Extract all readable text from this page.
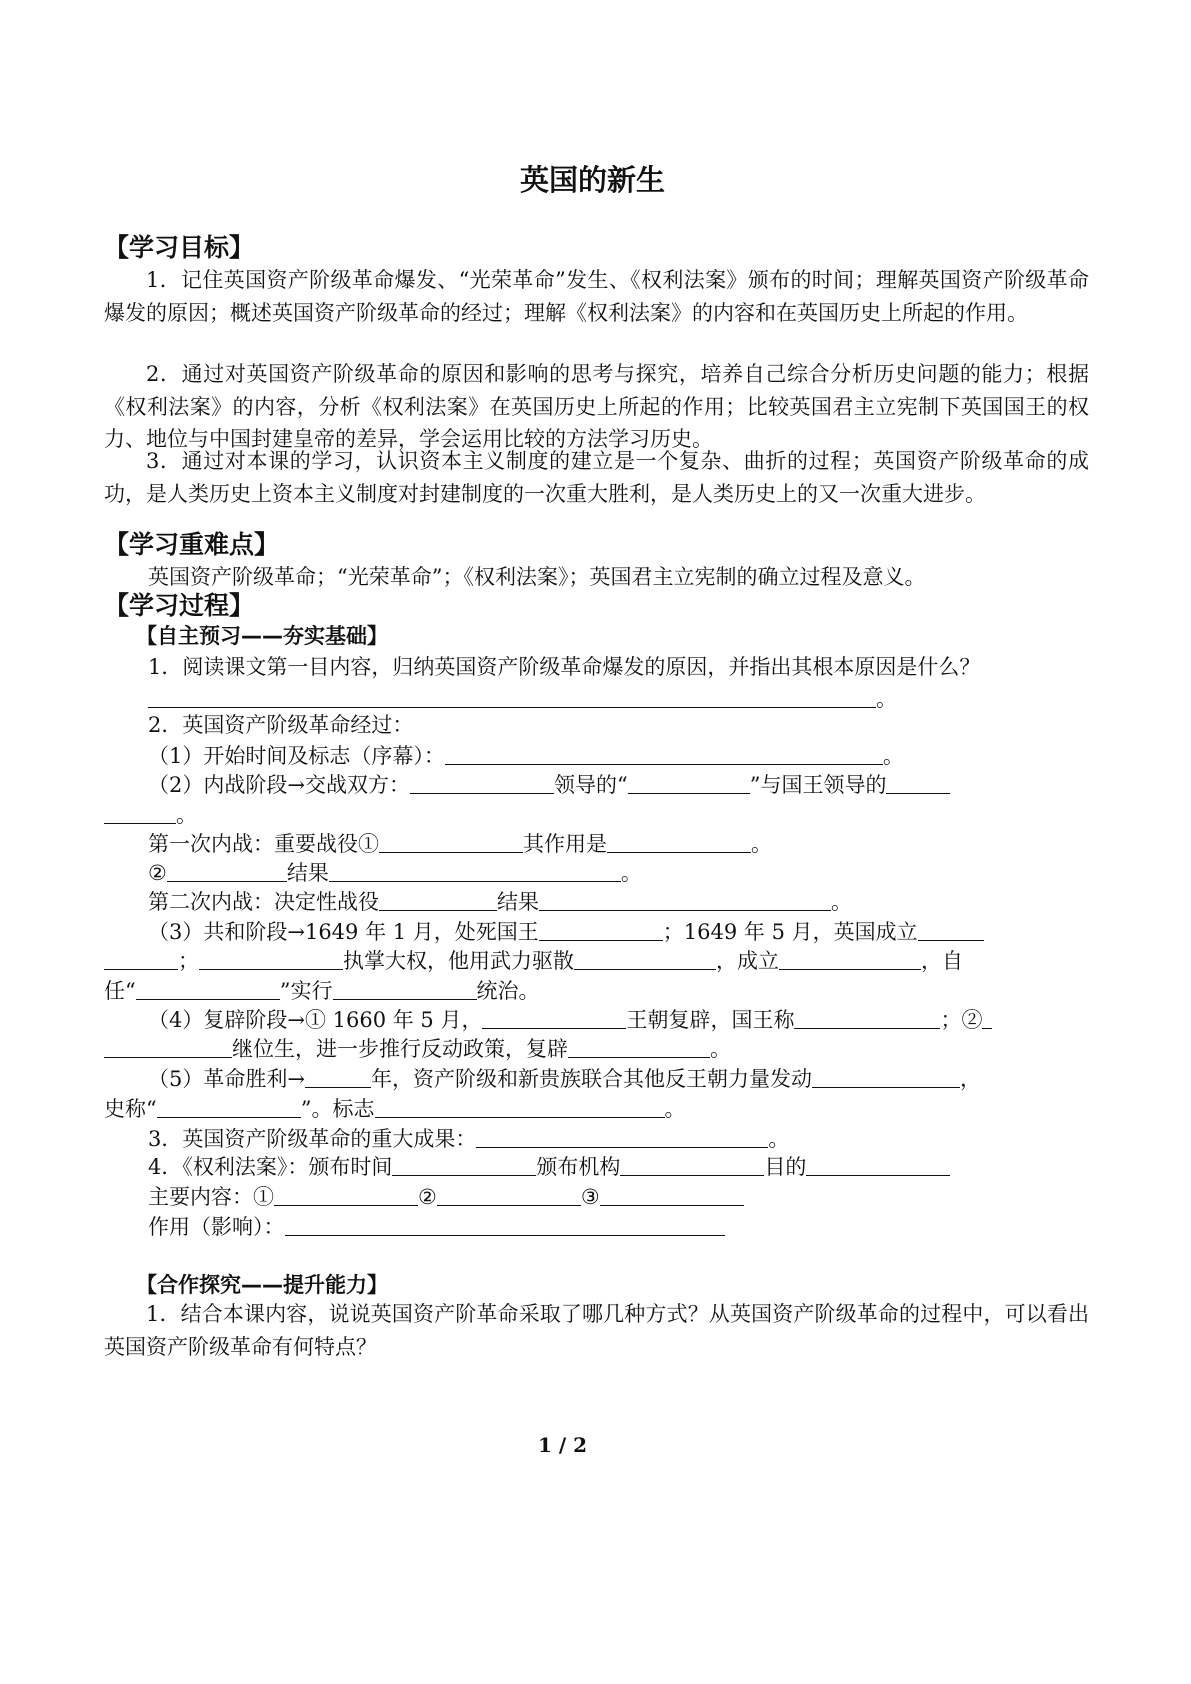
英国的新生
【学习目标】
1．记住英国资产阶级革命爆发、“光荣革命”发生、《权利法案》颁布的时间；理解英国资产阶级革命爆发的原因；概述英国资产阶级革命的经过；理解《权利法案》的内容和在英国历史上所起的作用。
2．通过对英国资产阶级革命的原因和影响的思考与探究，培养自己综合分析历史问题的能力；根据《权利法案》的内容，分析《权利法案》在英国历史上所起的作用；比较英国君主立宪制下英国国王的权力、地位与中国封建皇帝的差异，学会运用比较的方法学习历史。
3．通过对本课的学习，认识资本主义制度的建立是一个复杂、曲折的过程；英国资产阶级革命的成功，是人类历史上资本主义制度对封建制度的一次重大胜利，是人类历史上的又一次重大进步。
【学习重难点】
英国资产阶级革命；“光荣革命”；《权利法案》；英国君主立宪制的确立过程及意义。
【学习过程】
【自主预习——夯实基础】
1．阅读课文第一目内容，归纳英国资产阶级革命爆发的原因，并指出其根本原因是什么？
。
2．英国资产阶级革命经过：
（1）开始时间及标志（序幕）：	。
（2）内战阶段→交战双方：	领导的“	”与国王领导的
。
第一次内战：重要战役①	其作用是	。
②	结果	。
第二次内战：决定性战役	结果	。
（3）共和阶段→1649 年 1 月，处死国王	；1649 年 5 月，英国成立
；	执掌大权，他用武力驱散	，成立	，自
任“	”实行	统治。
（4）复辟阶段→① 1660 年 5 月，	王朝复辟，国王称	；②
继位生，进一步推行反动政策，复辟	。
（5）革命胜利→	年，资产阶级和新贵族联合其他反王朝力量发动	，
史称“	”。标志	。
3．英国资产阶级革命的重大成果：	。
4．《权利法案》：颁布时间	颁布机构	目的
主要内容：①	②	③
作用（影响）：
【合作探究——提升能力】
1．结合本课内容，说说英国资产阶革命采取了哪几种方式？从英国资产阶级革命的过程中，可以看出英国资产阶级革命有何特点？
1 / 2
